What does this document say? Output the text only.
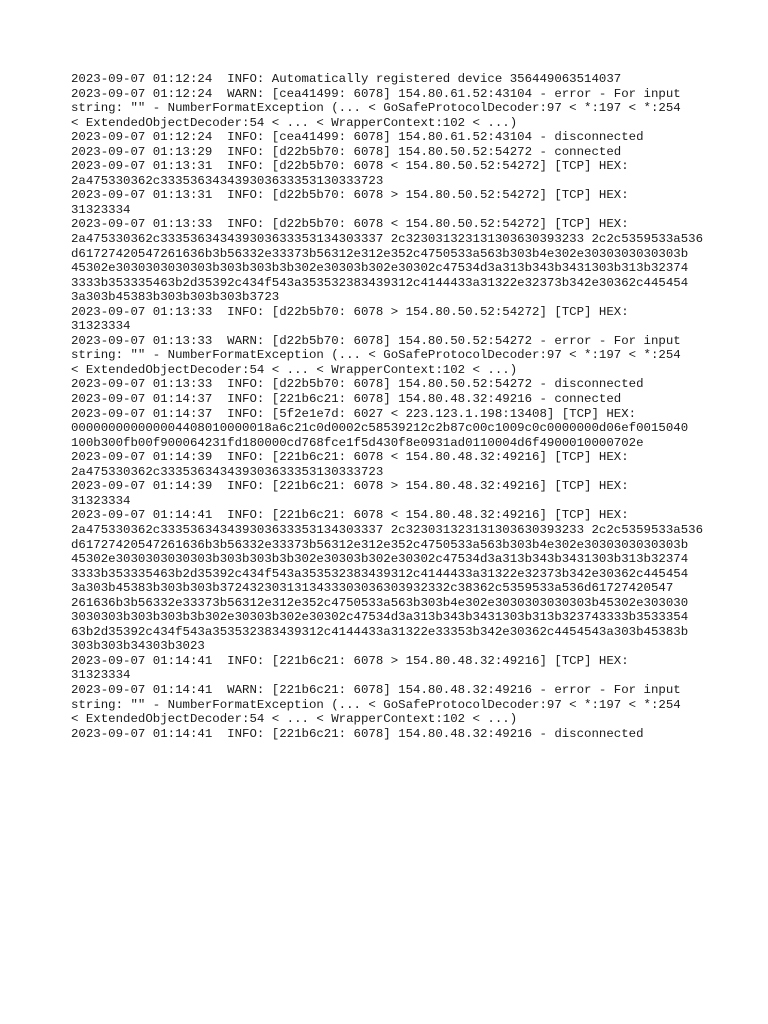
2023-09-07 01:12:24  INFO: Automatically registered device 356449063514037
2023-09-07 01:12:24  WARN: [cea41499: 6078] 154.80.61.52:43104 - error - For input
string: "" - NumberFormatException (... < GoSafeProtocolDecoder:97 < *:197 < *:254
< ExtendedObjectDecoder:54 < ... < WrapperContext:102 < ...)
2023-09-07 01:12:24  INFO: [cea41499: 6078] 154.80.61.52:43104 - disconnected
2023-09-07 01:13:29  INFO: [d22b5b70: 6078] 154.80.50.52:54272 - connected
2023-09-07 01:13:31  INFO: [d22b5b70: 6078 < 154.80.50.52:54272] [TCP] HEX:
2a475330362c333536343439303633353130333723
2023-09-07 01:13:31  INFO: [d22b5b70: 6078 > 154.80.50.52:54272] [TCP] HEX:
31323334
2023-09-07 01:13:33  INFO: [d22b5b70: 6078 < 154.80.50.52:54272] [TCP] HEX:
2a475330362c333536343439303633353134303337 2c323031323131303630393233 2c2c5359533a536
d61727420547261636b3b56332e33373b56312e312e352c4750533a563b303b4e302e3030303030303b
45302e3030303030303b303b303b3b302e30303b302e30302c47534d3a313b343b3431303b313b32374
3333b353335463b2d35392c434f543a353532383439312c4144433a31322e32373b342e30362c445454
3a303b45383b303b303b303b3723
2023-09-07 01:13:33  INFO: [d22b5b70: 6078 > 154.80.50.52:54272] [TCP] HEX:
31323334
2023-09-07 01:13:33  WARN: [d22b5b70: 6078] 154.80.50.52:54272 - error - For input
string: "" - NumberFormatException (... < GoSafeProtocolDecoder:97 < *:197 < *:254
< ExtendedObjectDecoder:54 < ... < WrapperContext:102 < ...)
2023-09-07 01:13:33  INFO: [d22b5b70: 6078] 154.80.50.52:54272 - disconnected
2023-09-07 01:14:37  INFO: [221b6c21: 6078] 154.80.48.32:49216 - connected
2023-09-07 01:14:37  INFO: [5f2e1e7d: 6027 < 223.123.1.198:13408] [TCP] HEX:
000000000000004408010000018a6c21c0d0002c58539212c2b87c00c1009c0c0000000d06ef0015040
100b300fb00f900064231fd180000cd768fce1f5d430f8e0931ad0110004d6f4900010000702e
2023-09-07 01:14:39  INFO: [221b6c21: 6078 < 154.80.48.32:49216] [TCP] HEX:
2a475330362c333536343439303633353130333723
2023-09-07 01:14:39  INFO: [221b6c21: 6078 > 154.80.48.32:49216] [TCP] HEX:
31323334
2023-09-07 01:14:41  INFO: [221b6c21: 6078 < 154.80.48.32:49216] [TCP] HEX:
2a475330362c333536343439303633353134303337 2c323031323131303630393233 2c2c5359533a536
d61727420547261636b3b56332e33373b56312e312e352c4750533a563b303b4e302e3030303030303b
45302e3030303030303b303b303b3b302e30303b302e30302c47534d3a313b343b3431303b313b32374
3333b353335463b2d35392c434f543a353532383439312c4144433a31322e32373b342e30362c445454
3a303b45383b303b303b3724323031313433303036303932332c38362c5359533a536d61727420547
261636b3b56332e33373b56312e312e352c4750533a563b303b4e302e3030303030303b45302e303030
3030303b303b303b3b302e30303b302e30302c47534d3a313b343b3431303b313b323743333b3533354
63b2d35392c434f543a353532383439312c4144433a31322e33353b342e30362c4454543a303b45383b
303b303b34303b3023
2023-09-07 01:14:41  INFO: [221b6c21: 6078 > 154.80.48.32:49216] [TCP] HEX:
31323334
2023-09-07 01:14:41  WARN: [221b6c21: 6078] 154.80.48.32:49216 - error - For input
string: "" - NumberFormatException (... < GoSafeProtocolDecoder:97 < *:197 < *:254
< ExtendedObjectDecoder:54 < ... < WrapperContext:102 < ...)
2023-09-07 01:14:41  INFO: [221b6c21: 6078] 154.80.48.32:49216 - disconnected
